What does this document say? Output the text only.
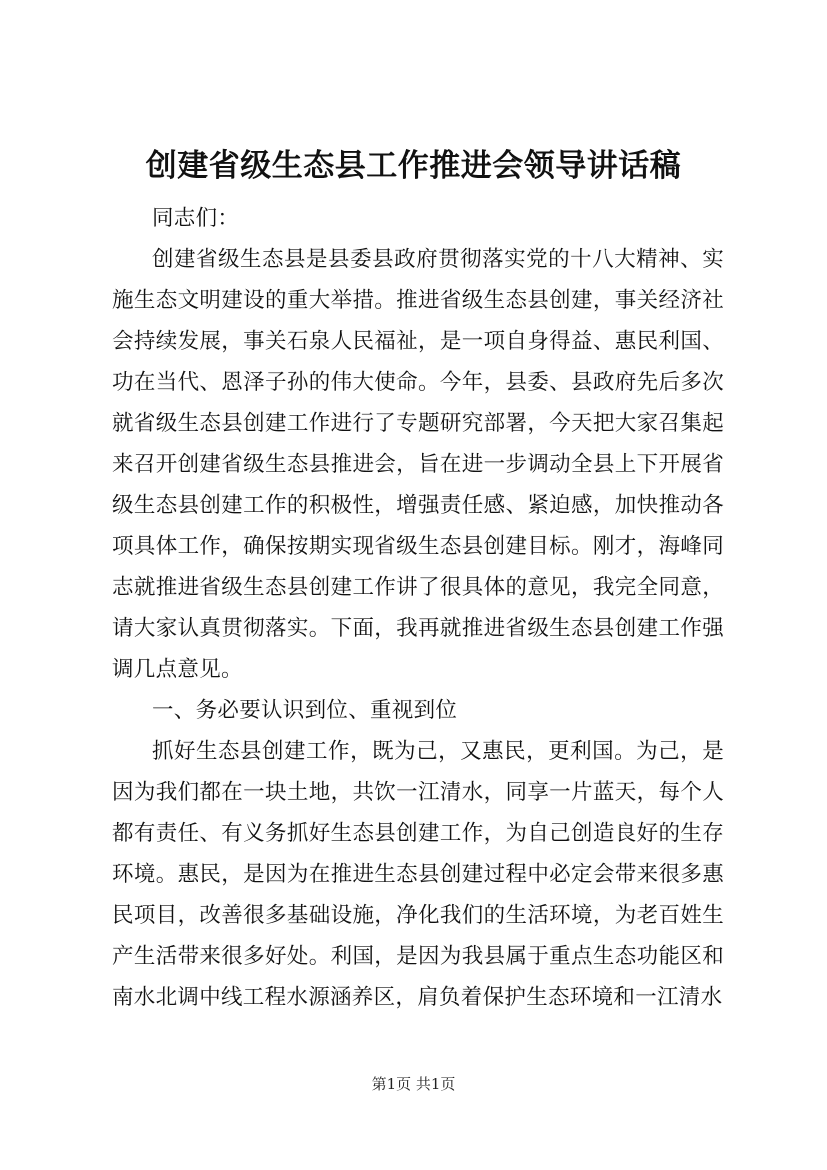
创建省级生态县工作推进会领导讲话稿

同志们：

创建省级生态县是县委县政府贯彻落实党的十八大精神、实施生态文明建设的重大举措。推进省级生态县创建，事关经济社会持续发展，事关石泉人民福祉，是一项自身得益、惠民利国、功在当代、恩泽子孙的伟大使命。今年，县委、县政府先后多次就省级生态县创建工作进行了专题研究部署，今天把大家召集起来召开创建省级生态县推进会，旨在进一步调动全县上下开展省级生态县创建工作的积极性，增强责任感、紧迫感，加快推动各项具体工作，确保按期实现省级生态县创建目标。刚才，海峰同志就推进省级生态县创建工作讲了很具体的意见，我完全同意，请大家认真贯彻落实。下面，我再就推进省级生态县创建工作强调几点意见。

一、务必要认识到位、重视到位

抓好生态县创建工作，既为己，又惠民，更利国。为己，是因为我们都在一块土地，共饮一江清水，同享一片蓝天，每个人都有责任、有义务抓好生态县创建工作，为自己创造良好的生存环境。惠民，是因为在推进生态县创建过程中必定会带来很多惠民项目，改善很多基础设施，净化我们的生活环境，为老百姓生产生活带来很多好处。利国，是因为我县属于重点生态功能区和南水北调中线工程水源涵养区，肩负着保护生态环境和一江清水

第1页 共1页
